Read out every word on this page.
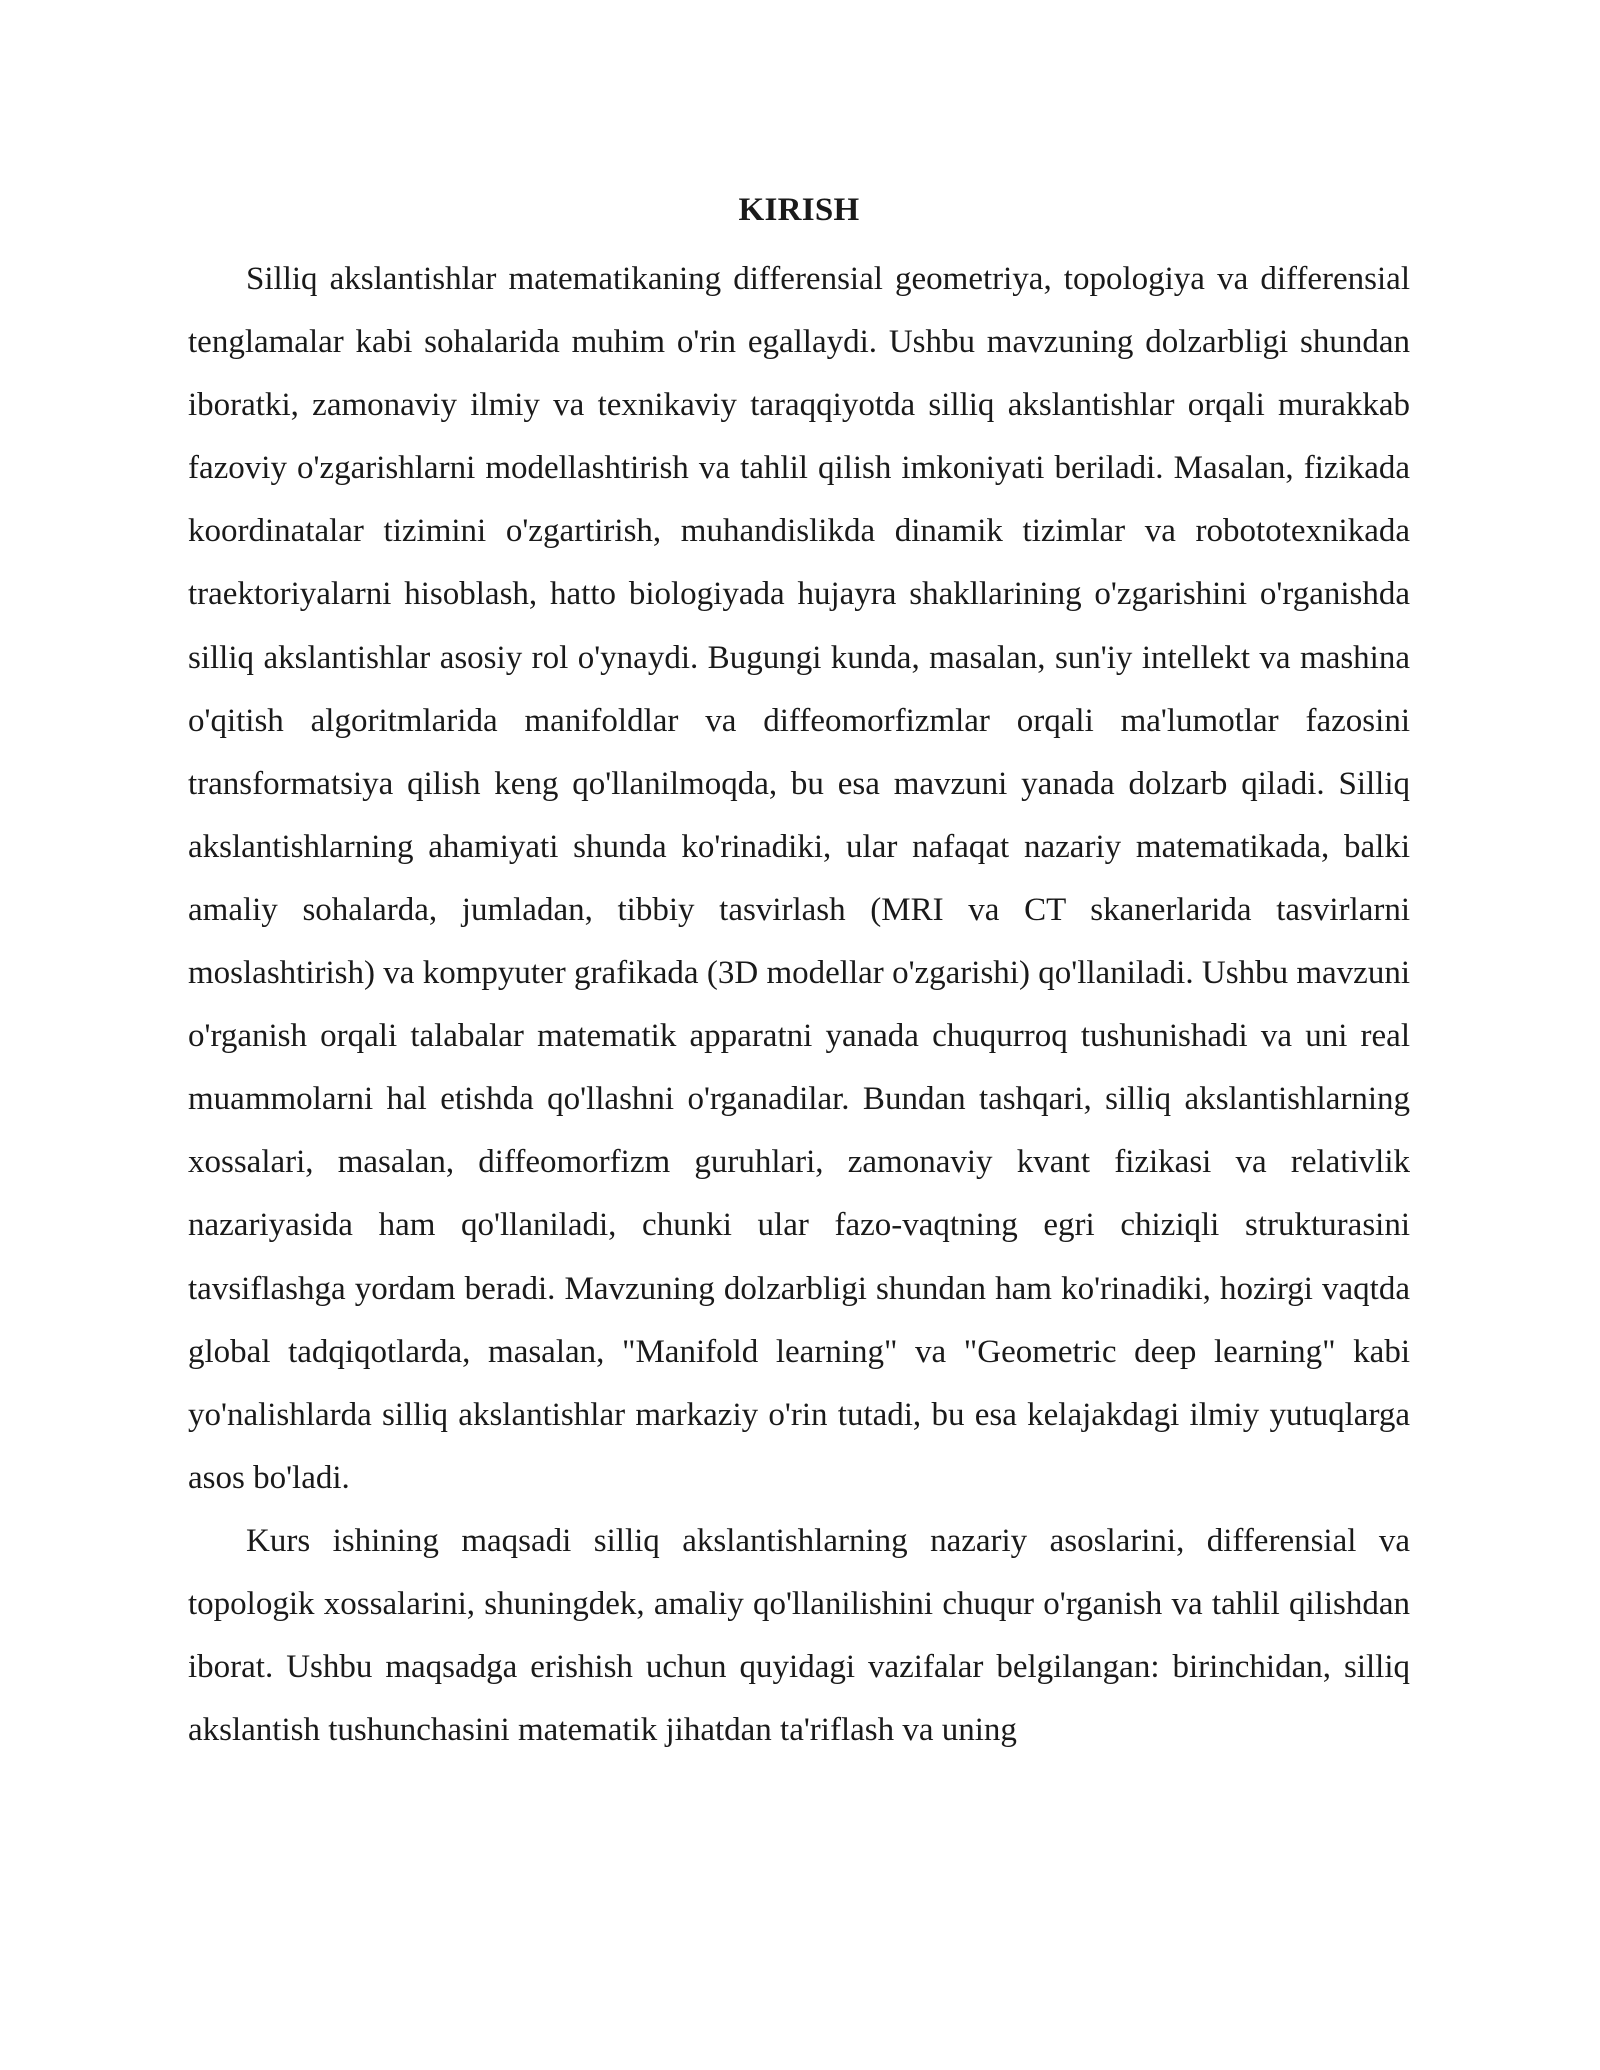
KIRISH

Silliq akslantishlar matematikaning differensial geometriya, topologiya va differensial tenglamalar kabi sohalarida muhim o'rin egallaydi. Ushbu mavzuning dolzarbligi shundan iboratki, zamonaviy ilmiy va texnikaviy taraqqiyotda silliq akslantishlar orqali murakkab fazoviy o'zgarishlarni modellashtirish va tahlil qilish imkoniyati beriladi. Masalan, fizikada koordinatalar tizimini o'zgartirish, muhandislikda dinamik tizimlar va robototexnikada traektoriyalarni hisoblash, hatto biologiyada hujayra shakllarining o'zgarishini o'rganishda silliq akslantishlar asosiy rol o'ynaydi. Bugungi kunda, masalan, sun'iy intellekt va mashina o'qitish algoritmlarida manifoldlar va diffeomorfizmlar orqali ma'lumotlar fazosini transformatsiya qilish keng qo'llanilmoqda, bu esa mavzuni yanada dolzarb qiladi. Silliq akslantishlarning ahamiyati shunda ko'rinadiki, ular nafaqat nazariy matematikada, balki amaliy sohalarda, jumladan, tibbiy tasvirlash (MRI va CT skanerlarida tasvirlarni moslashtirish) va kompyuter grafikada (3D modellar o'zgarishi) qo'llaniladi. Ushbu mavzuni o'rganish orqali talabalar matematik apparatni yanada chuqurroq tushunishadi va uni real muammolarni hal etishda qo'llashni o'rganadilar. Bundan tashqari, silliq akslantishlarning xossalari, masalan, diffeomorfizm guruhlari, zamonaviy kvant fizikasi va relativlik nazariyasida ham qo'llaniladi, chunki ular fazo-vaqtning egri chiziqli strukturasini tavsiflashga yordam beradi. Mavzuning dolzarbligi shundan ham ko'rinadiki, hozirgi vaqtda global tadqiqotlarda, masalan, "Manifold learning" va "Geometric deep learning" kabi yo'nalishlarda silliq akslantishlar markaziy o'rin tutadi, bu esa kelajakdagi ilmiy yutuqlarga asos bo'ladi.

Kurs ishining maqsadi silliq akslantishlarning nazariy asoslarini, differensial va topologik xossalarini, shuningdek, amaliy qo'llanilishini chuqur o'rganish va tahlil qilishdan iborat. Ushbu maqsadga erishish uchun quyidagi vazifalar belgilangan: birinchidan, silliq akslantish tushunchasini matematik jihatdan ta'riflash va uning
